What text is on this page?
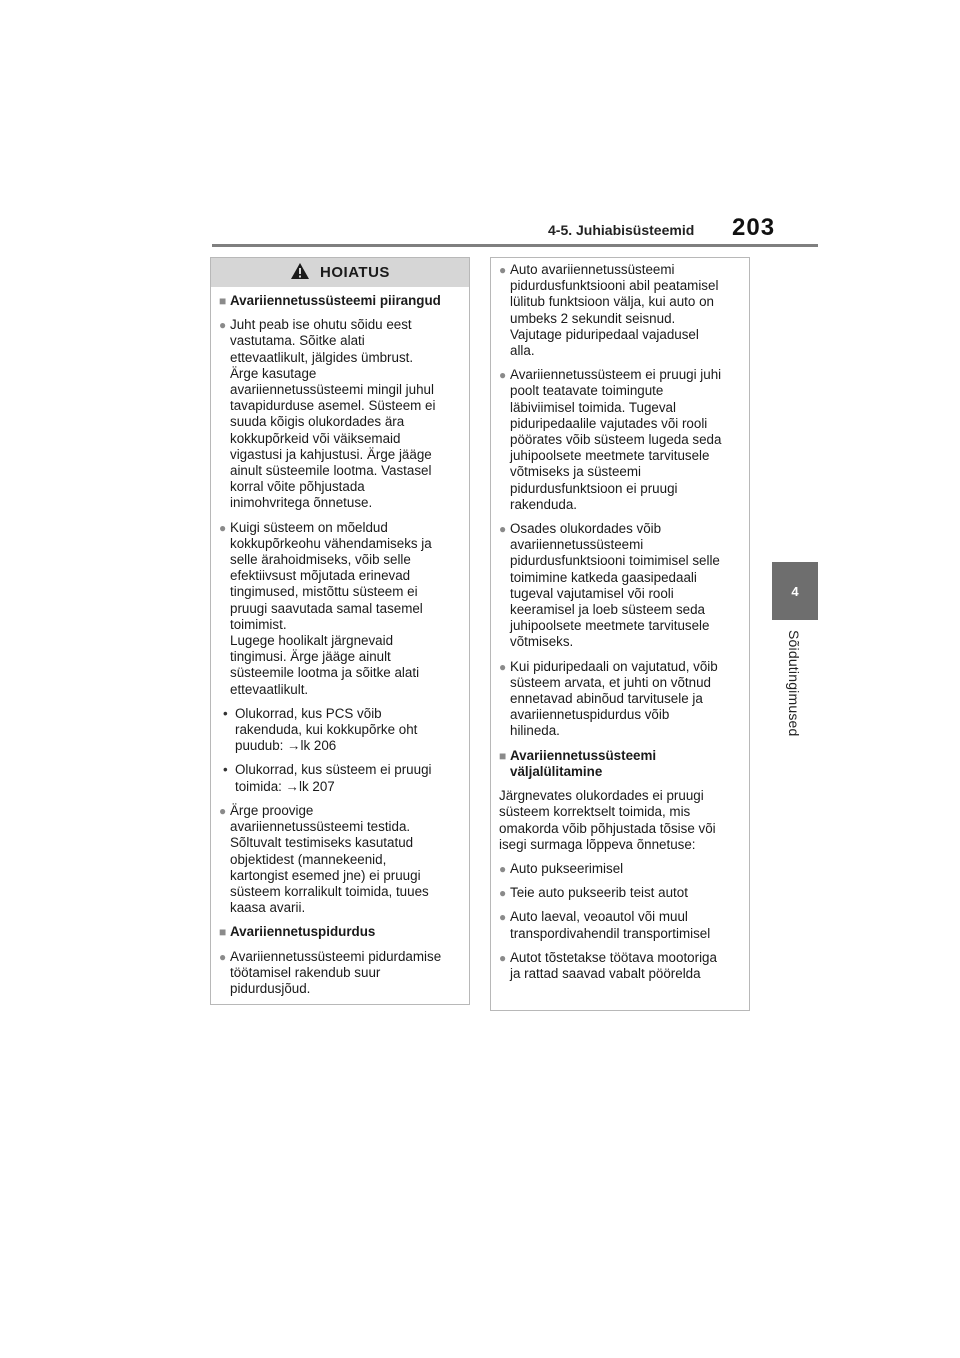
4-5. Juhiabisüsteemid 203
4
Sõidutingimused
HOIATUS
■ Avariiennetussüsteemi piirangud
● Juht peab ise ohutu sõidu eest
vastutama. Sõitke alati
ettevaatlikult, jälgides ümbrust.
Ärge kasutage
avariiennetussüsteemi mingil juhul
tavapidurduse asemel. Süsteem ei
suuda kõigis olukordades ära
kokkupõrkeid või väiksemaid
vigastusi ja kahjustusi. Ärge jääge
ainult süsteemile lootma. Vastasel
korral võite põhjustada
inimohvritega õnnetuse.
● Kuigi süsteem on mõeldud
kokkupõrkeohu vähendamiseks ja
selle ärahoidmiseks, võib selle
efektiivsust mõjutada erinevad
tingimused, mistõttu süsteem ei
pruugi saavutada samal tasemel
toimimist.
Lugege hoolikalt järgnevaid
tingimusi. Ärge jääge ainult
süsteemile lootma ja sõitke alati
ettevaatlikult.
• Olukorrad, kus PCS võib
rakenduda, kui kokkupõrke oht
puudub: →lk 206
• Olukorrad, kus süsteem ei pruugi
toimida: →lk 207
● Ärge proovige
avariiennetussüsteemi testida.
Sõltuvalt testimiseks kasutatud
objektidest (mannekeenid,
kartongist esemed jne) ei pruugi
süsteem korralikult toimida, tuues
kaasa avarii.
■ Avariiennetuspidurdus
● Avariiennetussüsteemi pidurdamise
töötamisel rakendub suur
pidurdusjõud.
● Auto avariiennetussüsteemi
pidurdusfunktsiooni abil peatamisel
lülitub funktsioon välja, kui auto on
umbeks 2 sekundit seisnud.
Vajutage piduripedaal vajadusel
alla.
● Avariiennetussüsteem ei pruugi juhi
poolt teatavate toimingute
läbiviimisel toimida. Tugeval
piduripedaalile vajutades või rooli
pöörates võib süsteem lugeda seda
juhipoolsete meetmete tarvitusele
võtmiseks ja süsteemi
pidurdusfunktsioon ei pruugi
rakenduda.
● Osades olukordades võib
avariiennetussüsteemi
pidurdusfunktsiooni toimimisel selle
toimimine katkeda gaasipedaali
tugeval vajutamisel või rooli
keeramisel ja loeb süsteem seda
juhipoolsete meetmete tarvitusele
võtmiseks.
● Kui piduripedaali on vajutatud, võib
süsteem arvata, et juhti on võtnud
ennetavad abinõud tarvitusele ja
avariiennetuspidurdus võib
hilineda.
■ Avariiennetussüsteemi
väljalülitamine
Järgnevates olukordades ei pruugi
süsteem korrektselt toimida, mis
omakorda võib põhjustada tõsise või
isegi surmaga lõppeva õnnetuse:
● Auto pukseerimisel
● Teie auto pukseerib teist autot
● Auto laeval, veoautol või muul
transpordivahendil transportimisel
● Autot tõstetakse töötava mootoriga
ja rattad saavad vabalt pöörelda
